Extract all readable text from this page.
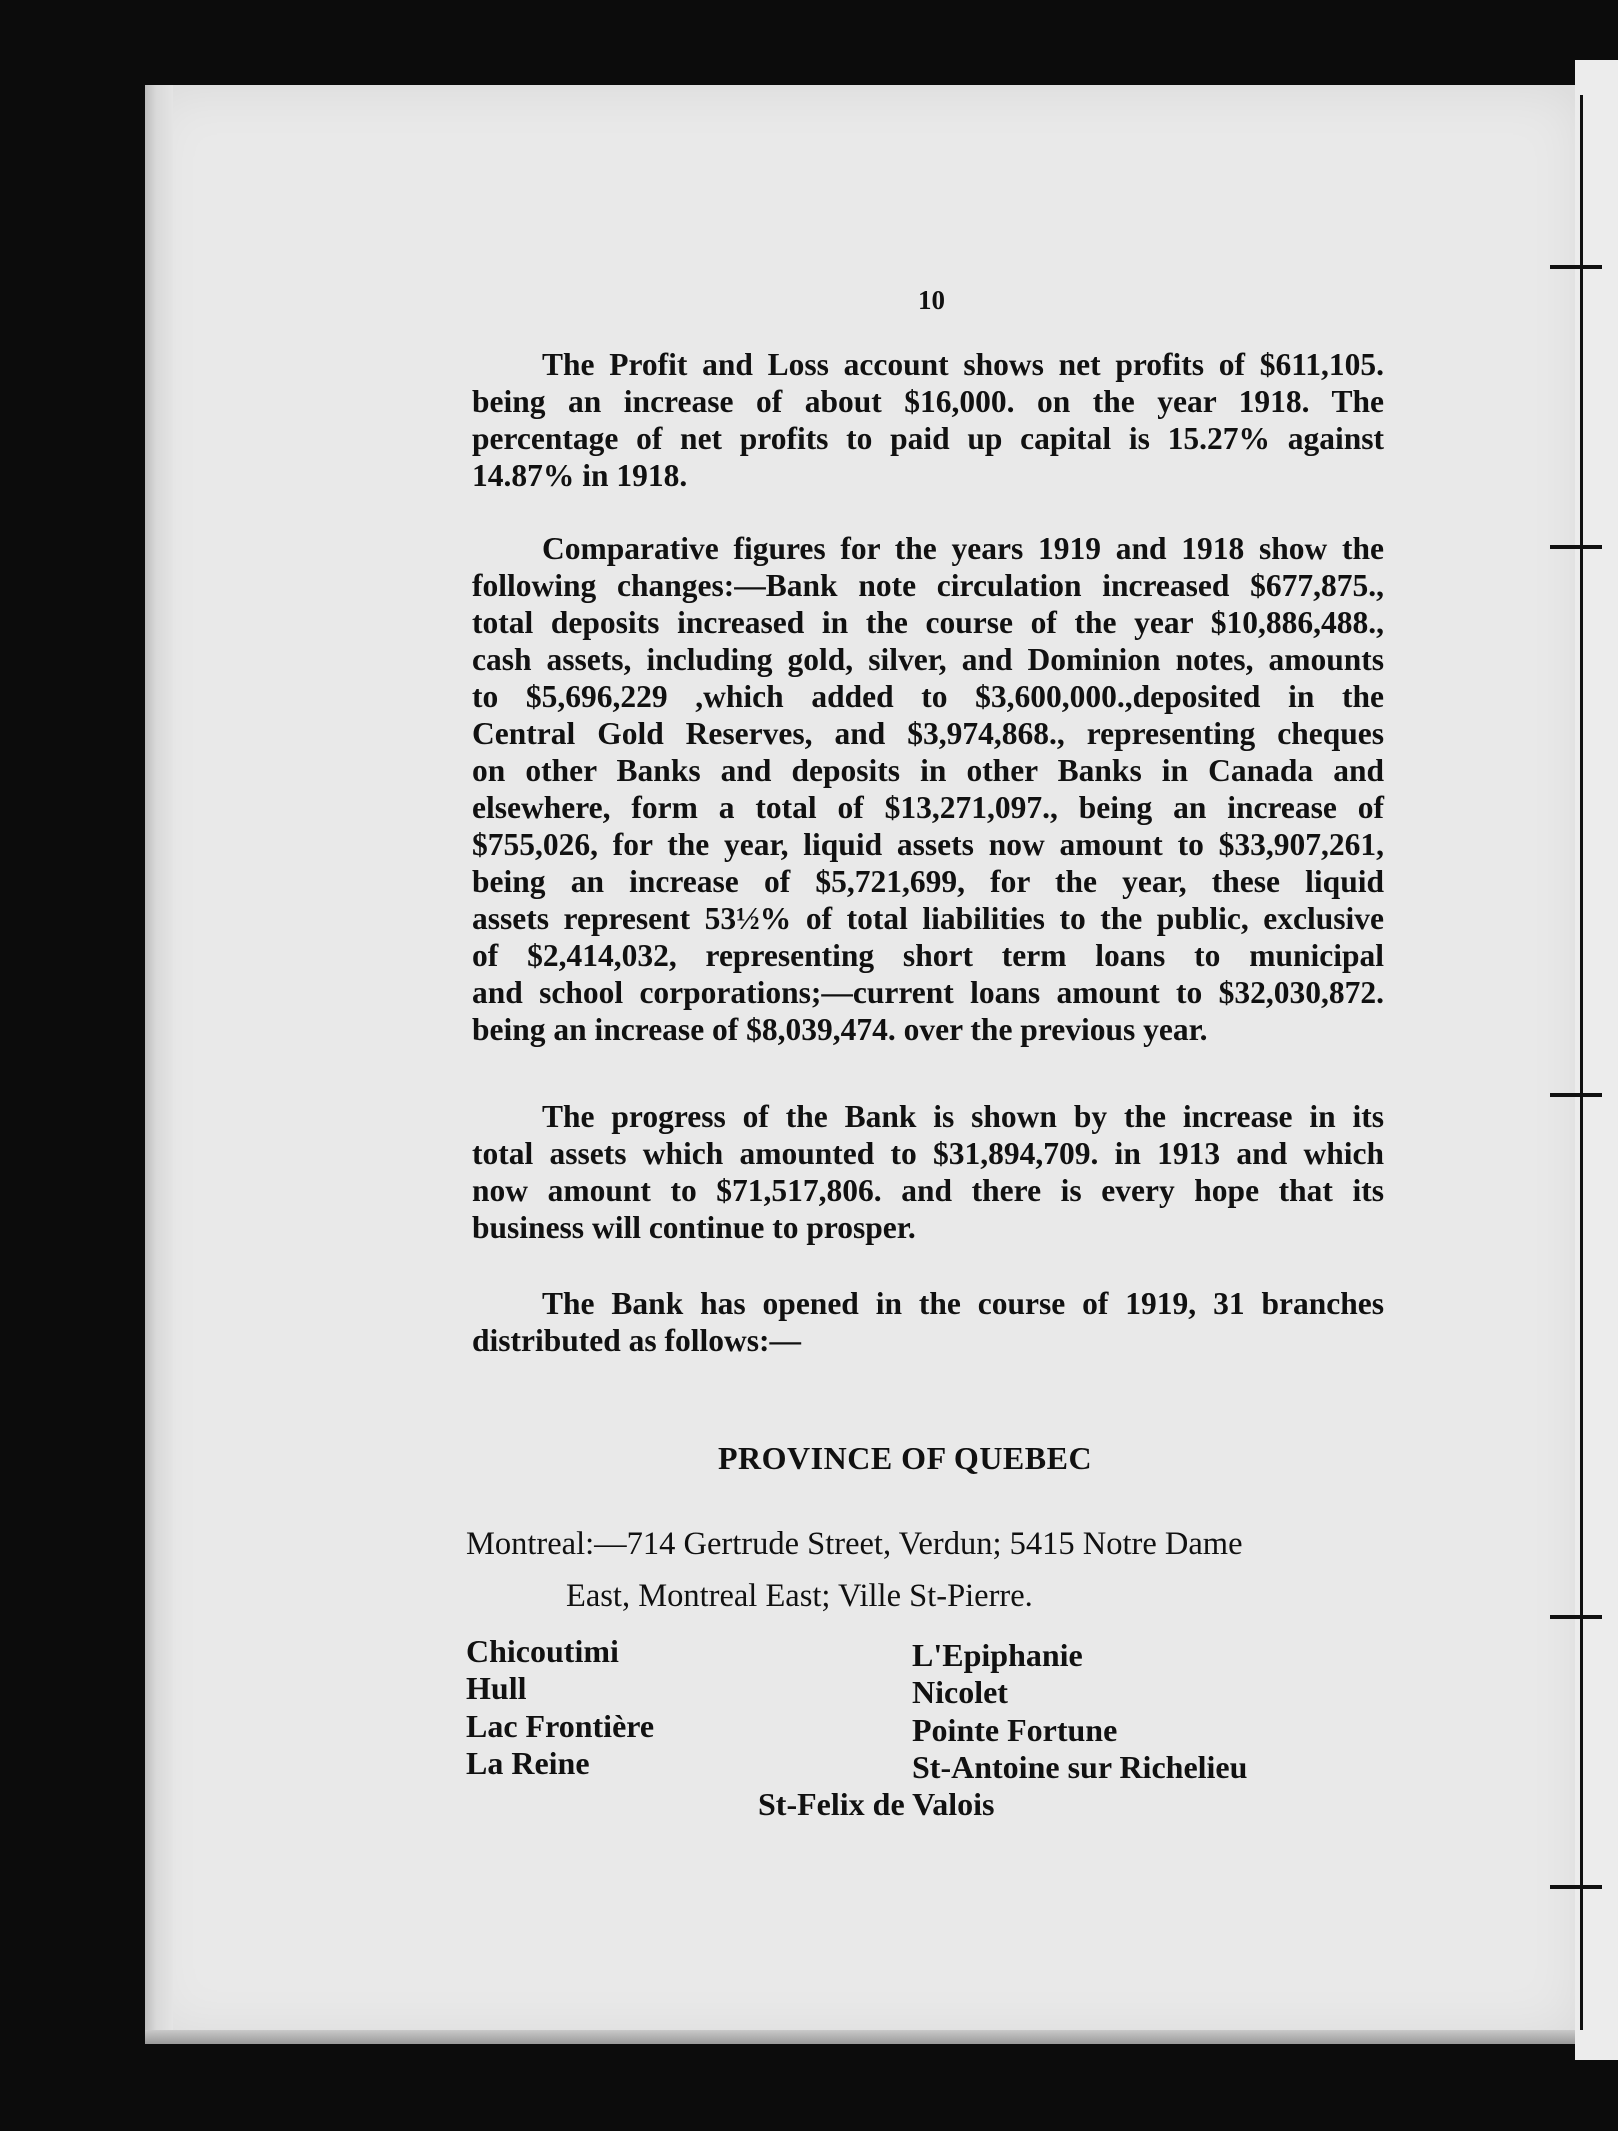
10
The Profit and Loss account shows net profits of $611,105.
being an increase of about $16,000. on the year 1918. The
percentage of net profits to paid up capital is 15.27% against
14.87% in 1918.
Comparative figures for the years 1919 and 1918 show the
following changes:—Bank note circulation increased $677,875.,
total deposits increased in the course of the year $10,886,488.,
cash assets, including gold, silver, and Dominion notes, amounts
to $5,696,229 ,which added to $3,600,000.,deposited in the
Central Gold Reserves, and $3,974,868., representing cheques
on other Banks and deposits in other Banks in Canada and
elsewhere, form a total of $13,271,097., being an increase of
$755,026, for the year, liquid assets now amount to $33,907,261,
being an increase of $5,721,699, for the year, these liquid
assets represent 53½% of total liabilities to the public, exclusive
of $2,414,032, representing short term loans to municipal
and school corporations;—current loans amount to $32,030,872.
being an increase of $8,039,474. over the previous year.
The progress of the Bank is shown by the increase in its
total assets which amounted to $31,894,709. in 1913 and which
now amount to $71,517,806. and there is every hope that its
business will continue to prosper.
The Bank has opened in the course of 1919, 31 branches
distributed as follows:—
PROVINCE OF QUEBEC
Montreal:—714 Gertrude Street, Verdun; 5415 Notre Dame
East, Montreal East; Ville St-Pierre.
Chicoutimi
Hull
Lac Frontière
La Reine
L'Epiphanie
Nicolet
Pointe Fortune
St-Antoine sur Richelieu
St-Felix de Valois
